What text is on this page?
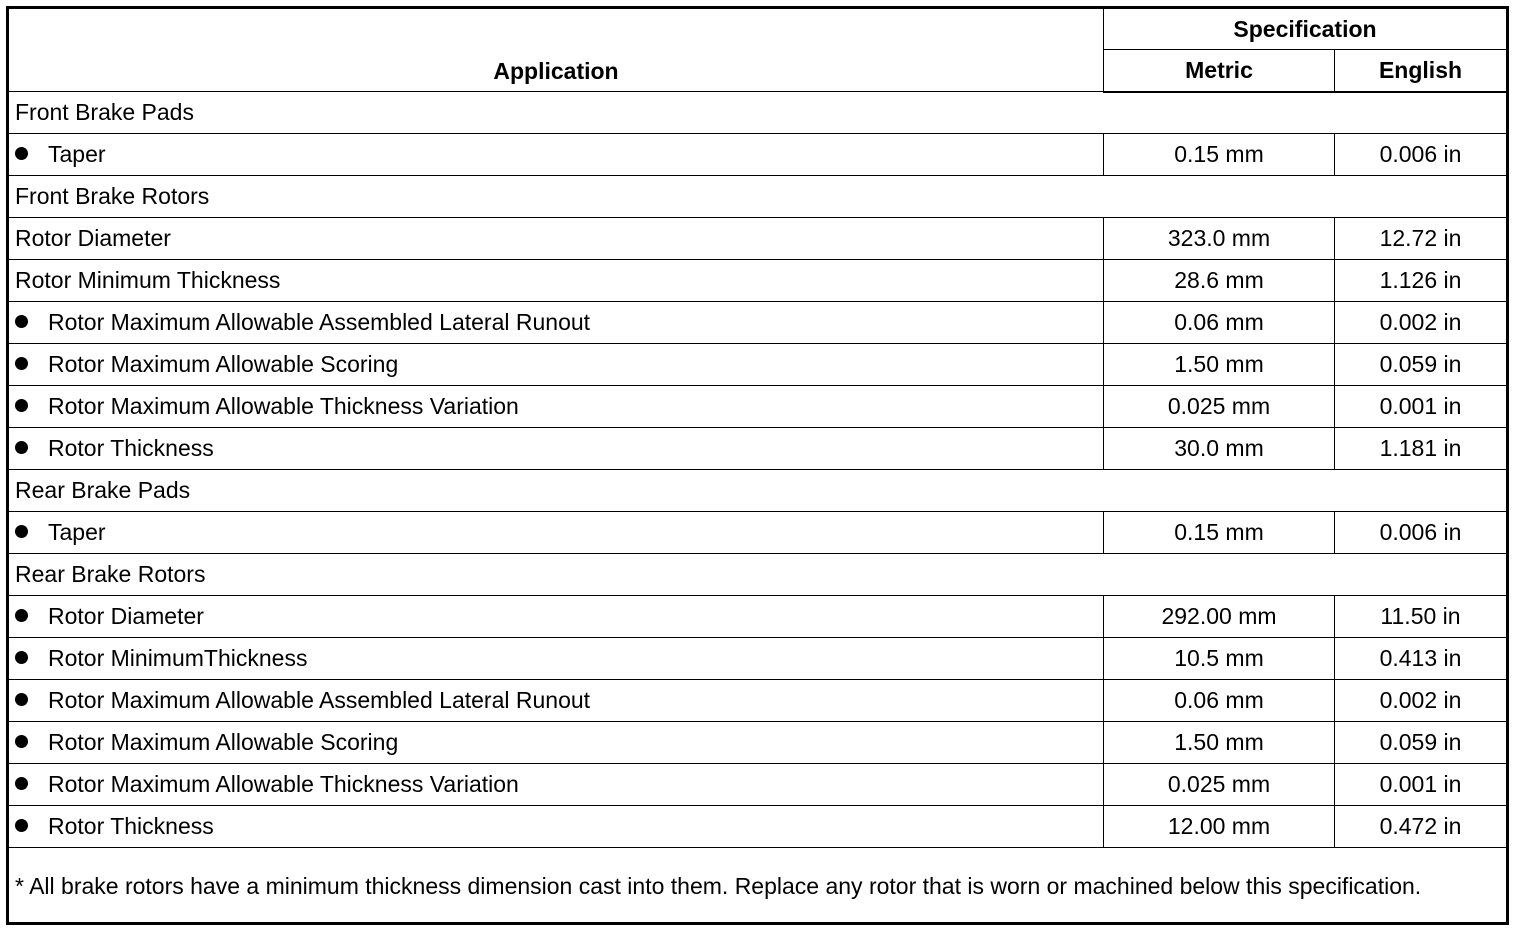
Application	Specification	
	Metric	English
Front Brake Pads		
Taper	0.15 mm	0.006 in
Front Brake Rotors		
Rotor Diameter	323.0 mm	12.72 in
Rotor Minimum Thickness	28.6 mm	1.126 in
Rotor Maximum Allowable Assembled Lateral Runout	0.06 mm	0.002 in
Rotor Maximum Allowable Scoring	1.50 mm	0.059 in
Rotor Maximum Allowable Thickness Variation	0.025 mm	0.001 in
Rotor Thickness	30.0 mm	1.181 in
Rear Brake Pads		
Taper	0.15 mm	0.006 in
Rear Brake Rotors		
Rotor Diameter	292.00 mm	11.50 in
Rotor MinimumThickness	10.5 mm	0.413 in
Rotor Maximum Allowable Assembled Lateral Runout	0.06 mm	0.002 in
Rotor Maximum Allowable Scoring	1.50 mm	0.059 in
Rotor Maximum Allowable Thickness Variation	0.025 mm	0.001 in
Rotor Thickness	12.00 mm	0.472 in
* All brake rotors have a minimum thickness dimension cast into them. Replace any rotor that is worn or machined below this specification.		
